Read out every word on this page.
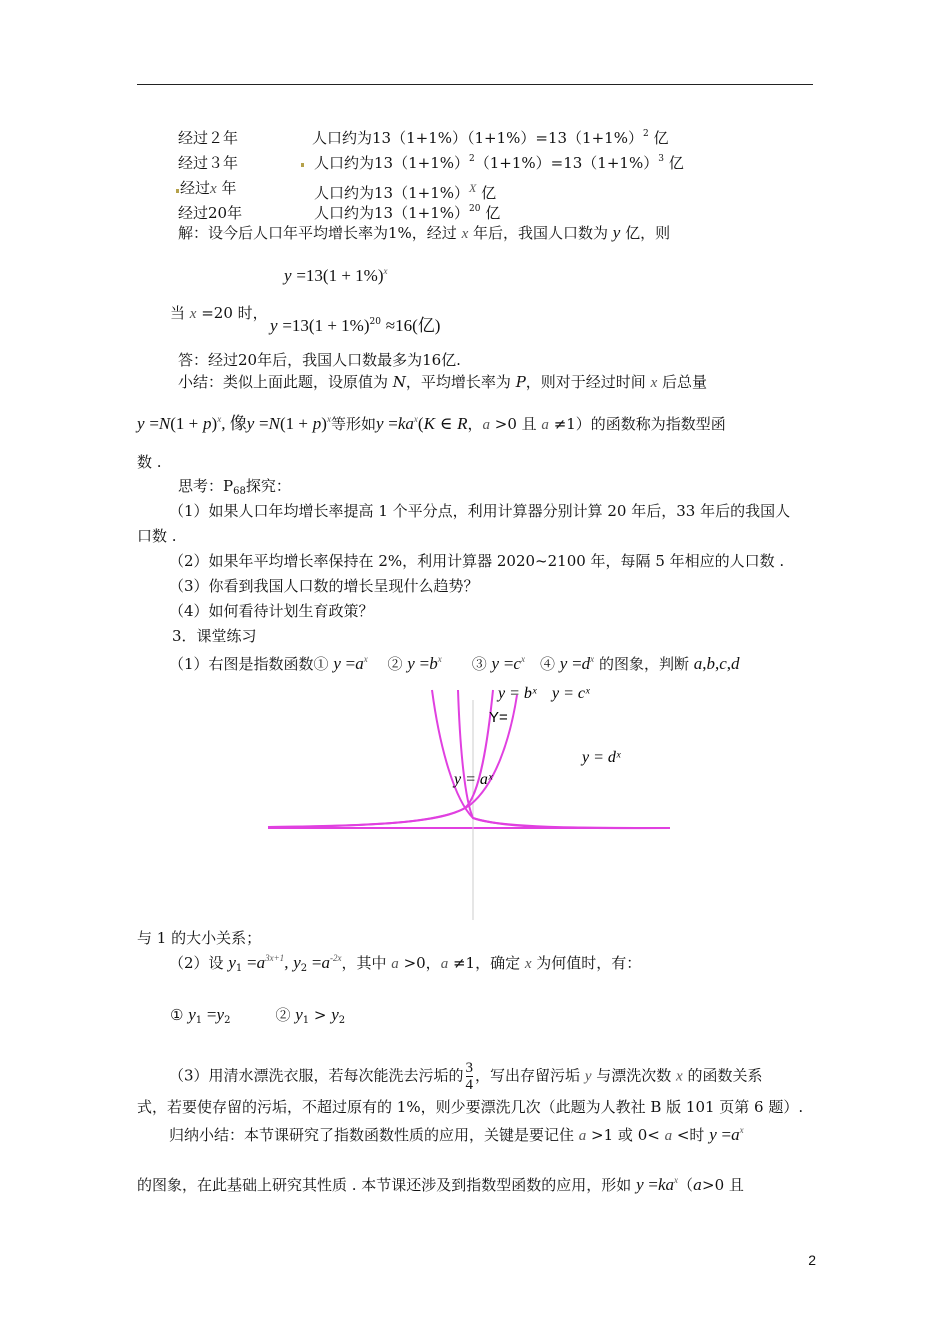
经过２年	人口约为$13(1+1\%)(1+1\%)=13(1+1\%)^2$ 亿
经过３年	人口约为$13(1+1\%)^2(1+1\%)=13(1+1\%)^3$ 亿
经过x 年	人口约为$13(1+1\%)^X$ 亿
经过20年	人口约为$13(1+1\%)^{20}$ 亿
解：设今后人口年平均增长率为1%，经过 x 年后，我国人口数为 y 亿，则
$y =13(1 + 1\%)^x$
当 x =20 时，
$y =13(1 + 1\%)^{20} \approx 16$(亿)
答：经过20年后，我国人口数最多为16亿.
小结：类似上面此题，设原值为 N，平均增长率为 P，则对于经过时间 x 后总量
$y =N(1 + p)^x$, 像$y =N(1 + p)^x$等形如$y =ka^x(K$ ∈ R，a >0 且 a ≠1）的函数称为指数型函
数 .
思考：$P_{68}$探究：
（1）如果人口年均增长率提高 1 个平分点，利用计算器分别计算 20 年后，33 年后的我国人
口数 .
（2）如果年平均增长率保持在 2%，利用计算器 2020~2100 年，每隔 5 年相应的人口数 .
（3）你看到我国人口数的增长呈现什么趋势？
（4）如何看待计划生育政策？
3．课堂练习
（1）右图是指数函数① $y =a^x$　 ② $y =b^x$　　③ $y =c^x$　④ $y =d^x$ 的图象，判断 a,b,c,d
y = bˣ y = cˣ
Y=
y = dˣ
y = aˣ
与 1 的大小关系；
（2）设 $y_1 =a^{3x+1}$, $y_2 =a^{-2x}$，其中 a >0，a ≠1，确定 x 为何值时，有：
① $y_1 =y_2$　　　② $y_1 > y_2$
（3）用清水漂洗衣服，若每次能洗去污垢的 $\frac{3}{4}$ ，写出存留污垢 y 与漂洗次数 x 的函数关系
式，若要使存留的污垢，不超过原有的 1%，则少要漂洗几次（此题为人教社 B 版 101 页第 6 题）.
归纳小结：本节课研究了指数函数性质的应用，关键是要记住 a >1 或 0< a <时 $y =a^x$
的图象，在此基础上研究其性质 . 本节课还涉及到指数型函数的应用，形如 $y =ka^x(a>0$ 且
2
